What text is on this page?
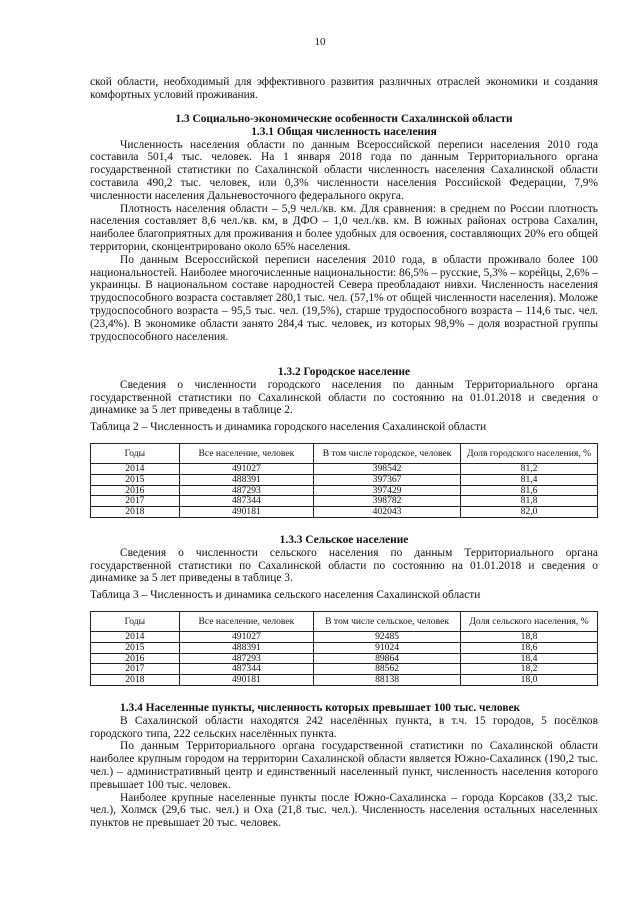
10

ской области, необходимый для эффективного развития различных отраслей экономики и создания комфортных условий проживания.

1.3 Социально-экономические особенности Сахалинской области

1.3.1 Общая численность населения

Численность населения области по данным Всероссийской переписи населения 2010 года составила 501,4 тыс. человек. На 1 января 2018 года по данным Территориального органа государственной статистики по Сахалинской области численность населения Сахалинской области составила 490,2 тыс. человек, или 0,3% численности населения Российской Федерации, 7,9% численности населения Дальневосточного федерального округа.

Плотность населения области – 5,9 чел./кв. км. Для сравнения: в среднем по России плотность населения составляет 8,6 чел./кв. км, в ДФО – 1,0 чел./кв. км. В южных районах острова Сахалин, наиболее благоприятных для проживания и более удобных для освоения, составляющих 20% его общей территории, сконцентрировано около 65% населения.

По данным Всероссийской переписи населения 2010 года, в области проживало более 100 национальностей. Наиболее многочисленные национальности: 86,5% – русские, 5,3% – корейцы, 2,6% – украинцы. В национальном составе народностей Севера преобладают нивхи. Численность населения трудоспособного возраста составляет 280,1 тыс. чел. (57,1% от общей численности населения). Моложе трудоспособного возраста – 95,5 тыс. чел. (19,5%), старше трудоспособного возраста – 114,6 тыс. чел. (23,4%). В экономике области занято 284,4 тыс. человек, из которых 98,9% – доля возрастной группы трудоспособного населения.

1.3.2 Городское население

Сведения о численности городского населения по данным Территориального органа государственной статистики по Сахалинской области по состоянию на 01.01.2018 и сведения о динамике за 5 лет приведены в таблице 2.

Таблица 2 – Численность и динамика городского населения Сахалинской области

Годы	Все население, человек	В том числе городское, человек	Доля городского населения, %
2014	491027	398542	81,2
2015	488391	397367	81,4
2016	487293	397429	81,6
2017	487344	398782	81,8
2018	490181	402043	82,0

1.3.3 Сельское население

Сведения о численности сельского населения по данным Территориального органа государственной статистики по Сахалинской области по состоянию на 01.01.2018 и сведения о динамике за 5 лет приведены в таблице 3.

Таблица 3 – Численность и динамика сельского населения Сахалинской области

Годы	Все население, человек	В том числе сельское, человек	Доля сельского населения, %
2014	491027	92485	18,8
2015	488391	91024	18,6
2016	487293	89864	18,4
2017	487344	88562	18,2
2018	490181	88138	18,0

1.3.4 Населенные пункты, численность которых превышает 100 тыс. человек

В Сахалинской области находятся 242 населённых пункта, в т.ч. 15 городов, 5 посёлков городского типа, 222 сельских населённых пункта.

По данным Территориального органа государственной статистики по Сахалинской области наиболее крупным городом на территории Сахалинской области является Южно-Сахалинск (190,2 тыс. чел.) – административный центр и единственный населенный пункт, численность населения которого превышает 100 тыс. человек.

Наиболее крупные населенные пункты после Южно-Сахалинска – города Корсаков (33,2 тыс. чел.), Холмск (29,6 тыс. чел.) и Оха (21,8 тыс. чел.). Численность населения остальных населенных пунктов не превышает 20 тыс. человек.
